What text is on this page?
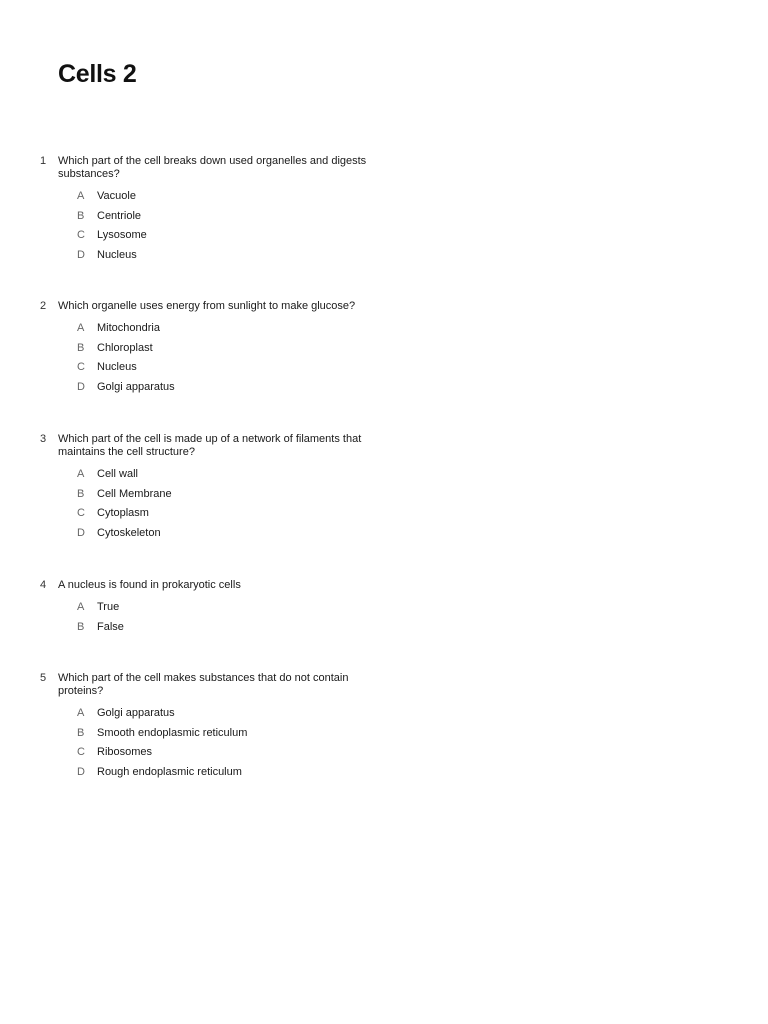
Cells 2
1 Which part of the cell breaks down used organelles and digests substances?
A Vacuole
B Centriole
C Lysosome
D Nucleus
2 Which organelle uses energy from sunlight to make glucose?
A Mitochondria
B Chloroplast
C Nucleus
D Golgi apparatus
3 Which part of the cell is made up of a network of filaments that maintains the cell structure?
A Cell wall
B Cell Membrane
C Cytoplasm
D Cytoskeleton
4 A nucleus is found in prokaryotic cells
A True
B False
5 Which part of the cell makes substances that do not contain proteins?
A Golgi apparatus
B Smooth endoplasmic reticulum
C Ribosomes
D Rough endoplasmic reticulum
